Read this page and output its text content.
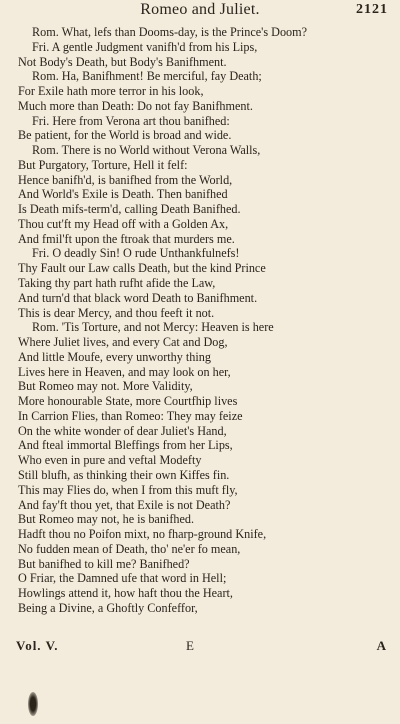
Romeo and Juliet.	2121
Rom. What, lefs than Dooms-day, is the Prince's Doom?
Fri. A gentle Judgment vanifh'd from his Lips,
Not Body's Death, but Body's Banifhment.
Rom. Ha, Banifhment! Be merciful, fay Death;
For Exile hath more terror in his look,
Much more than Death: Do not fay Banifhment.
Fri. Here from Verona art thou banifhed:
Be patient, for the World is broad and wide.
Rom. There is no World without Verona Walls,
But Purgatory, Torture, Hell it felf:
Hence banifh'd, is banifhed from the World,
And World's Exile is Death. Then banifhed
Is Death mifs-term'd, calling Death Banifhed.
Thou cut'ft my Head off with a Golden Ax,
And fmil'ft upon the ftroak that murders me.
Fri. O deadly Sin! O rude Unthankfulnefs!
Thy Fault our Law calls Death, but the kind Prince
Taking thy part hath rufht afide the Law,
And turn'd that black word Death to Banifhment.
This is dear Mercy, and thou feeft it not.
Rom. 'Tis Torture, and not Mercy: Heaven is here
Where Juliet lives, and every Cat and Dog,
And little Moufe, every unworthy thing
Lives here in Heaven, and may look on her,
But Romeo may not. More Validity,
More honourable State, more Courtfhip lives
In Carrion Flies, than Romeo: They may feize
On the white wonder of dear Juliet's Hand,
And fteal immortal Bleffings from her Lips,
Who even in pure and veftal Modefty
Still blufh, as thinking their own Kiffes fin.
This may Flies do, when I from this muft fly,
And fay'ft thou yet, that Exile is not Death?
But Romeo may not, he is banifhed.
Hadft thou no Poifon mixt, no fharp-ground Knife,
No fudden mean of Death, tho' ne'er fo mean,
But banifhed to kill me? Banifhed?
O Friar, the Damned ufe that word in Hell;
Howlings attend it, how haft thou the Heart,
Being a Divine, a Ghoftly Confeffor,
Vol. V.	E	A
